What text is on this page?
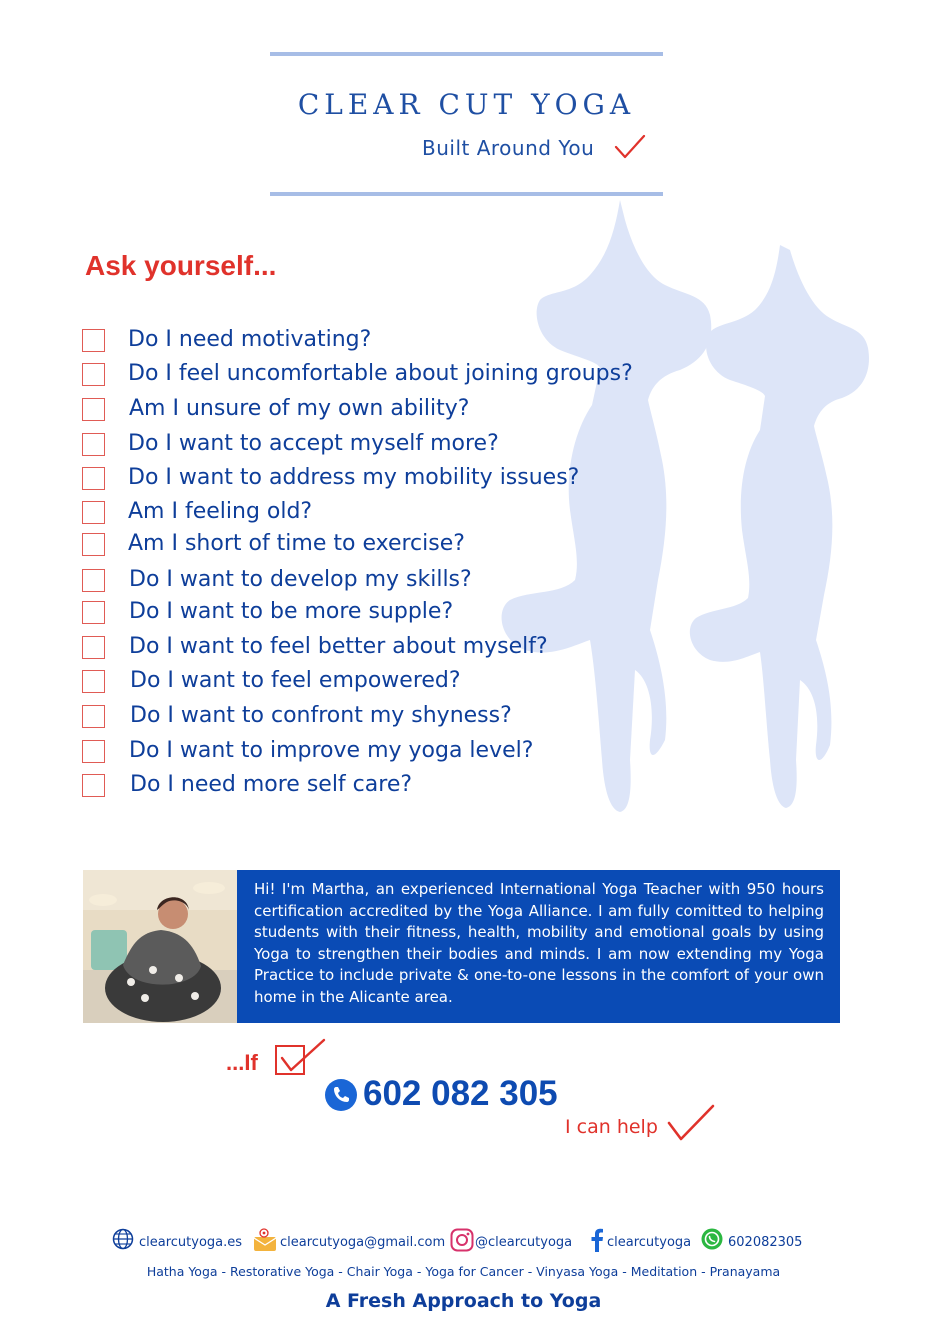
CLEAR CUT YOGA
Built Around You
Ask yourself...
Do I need motivating?
Do I feel uncomfortable about joining groups?
Am I unsure of my own ability?
Do I want to accept myself more?
Do I want to address my mobility issues?
Am I feeling old?
Am I short of time to exercise?
Do I want to develop my skills?
Do I want to be more supple?
Do I want to feel better about myself?
Do I want to feel empowered?
Do I want to confront my shyness?
Do I want to improve my yoga level?
Do I need more self care?
Hi! I'm Martha, an experienced International Yoga Teacher with 950 hours certification accredited by the Yoga Alliance. I am fully comitted to helping students with their fitness, health, mobility and emotional goals by using Yoga to strengthen their bodies and minds. I am now extending my Yoga Practice to include private & one-to-one lessons in the comfort of your own home in the Alicante area.
...If
602 082 305
I can help
clearcutyoga.es	clearcutyoga@gmail.com @clearcutyoga	clearcutyoga	602082305
Hatha Yoga - Restorative Yoga - Chair Yoga - Yoga for Cancer - Vinyasa Yoga - Meditation - Pranayama
A Fresh Approach to Yoga
